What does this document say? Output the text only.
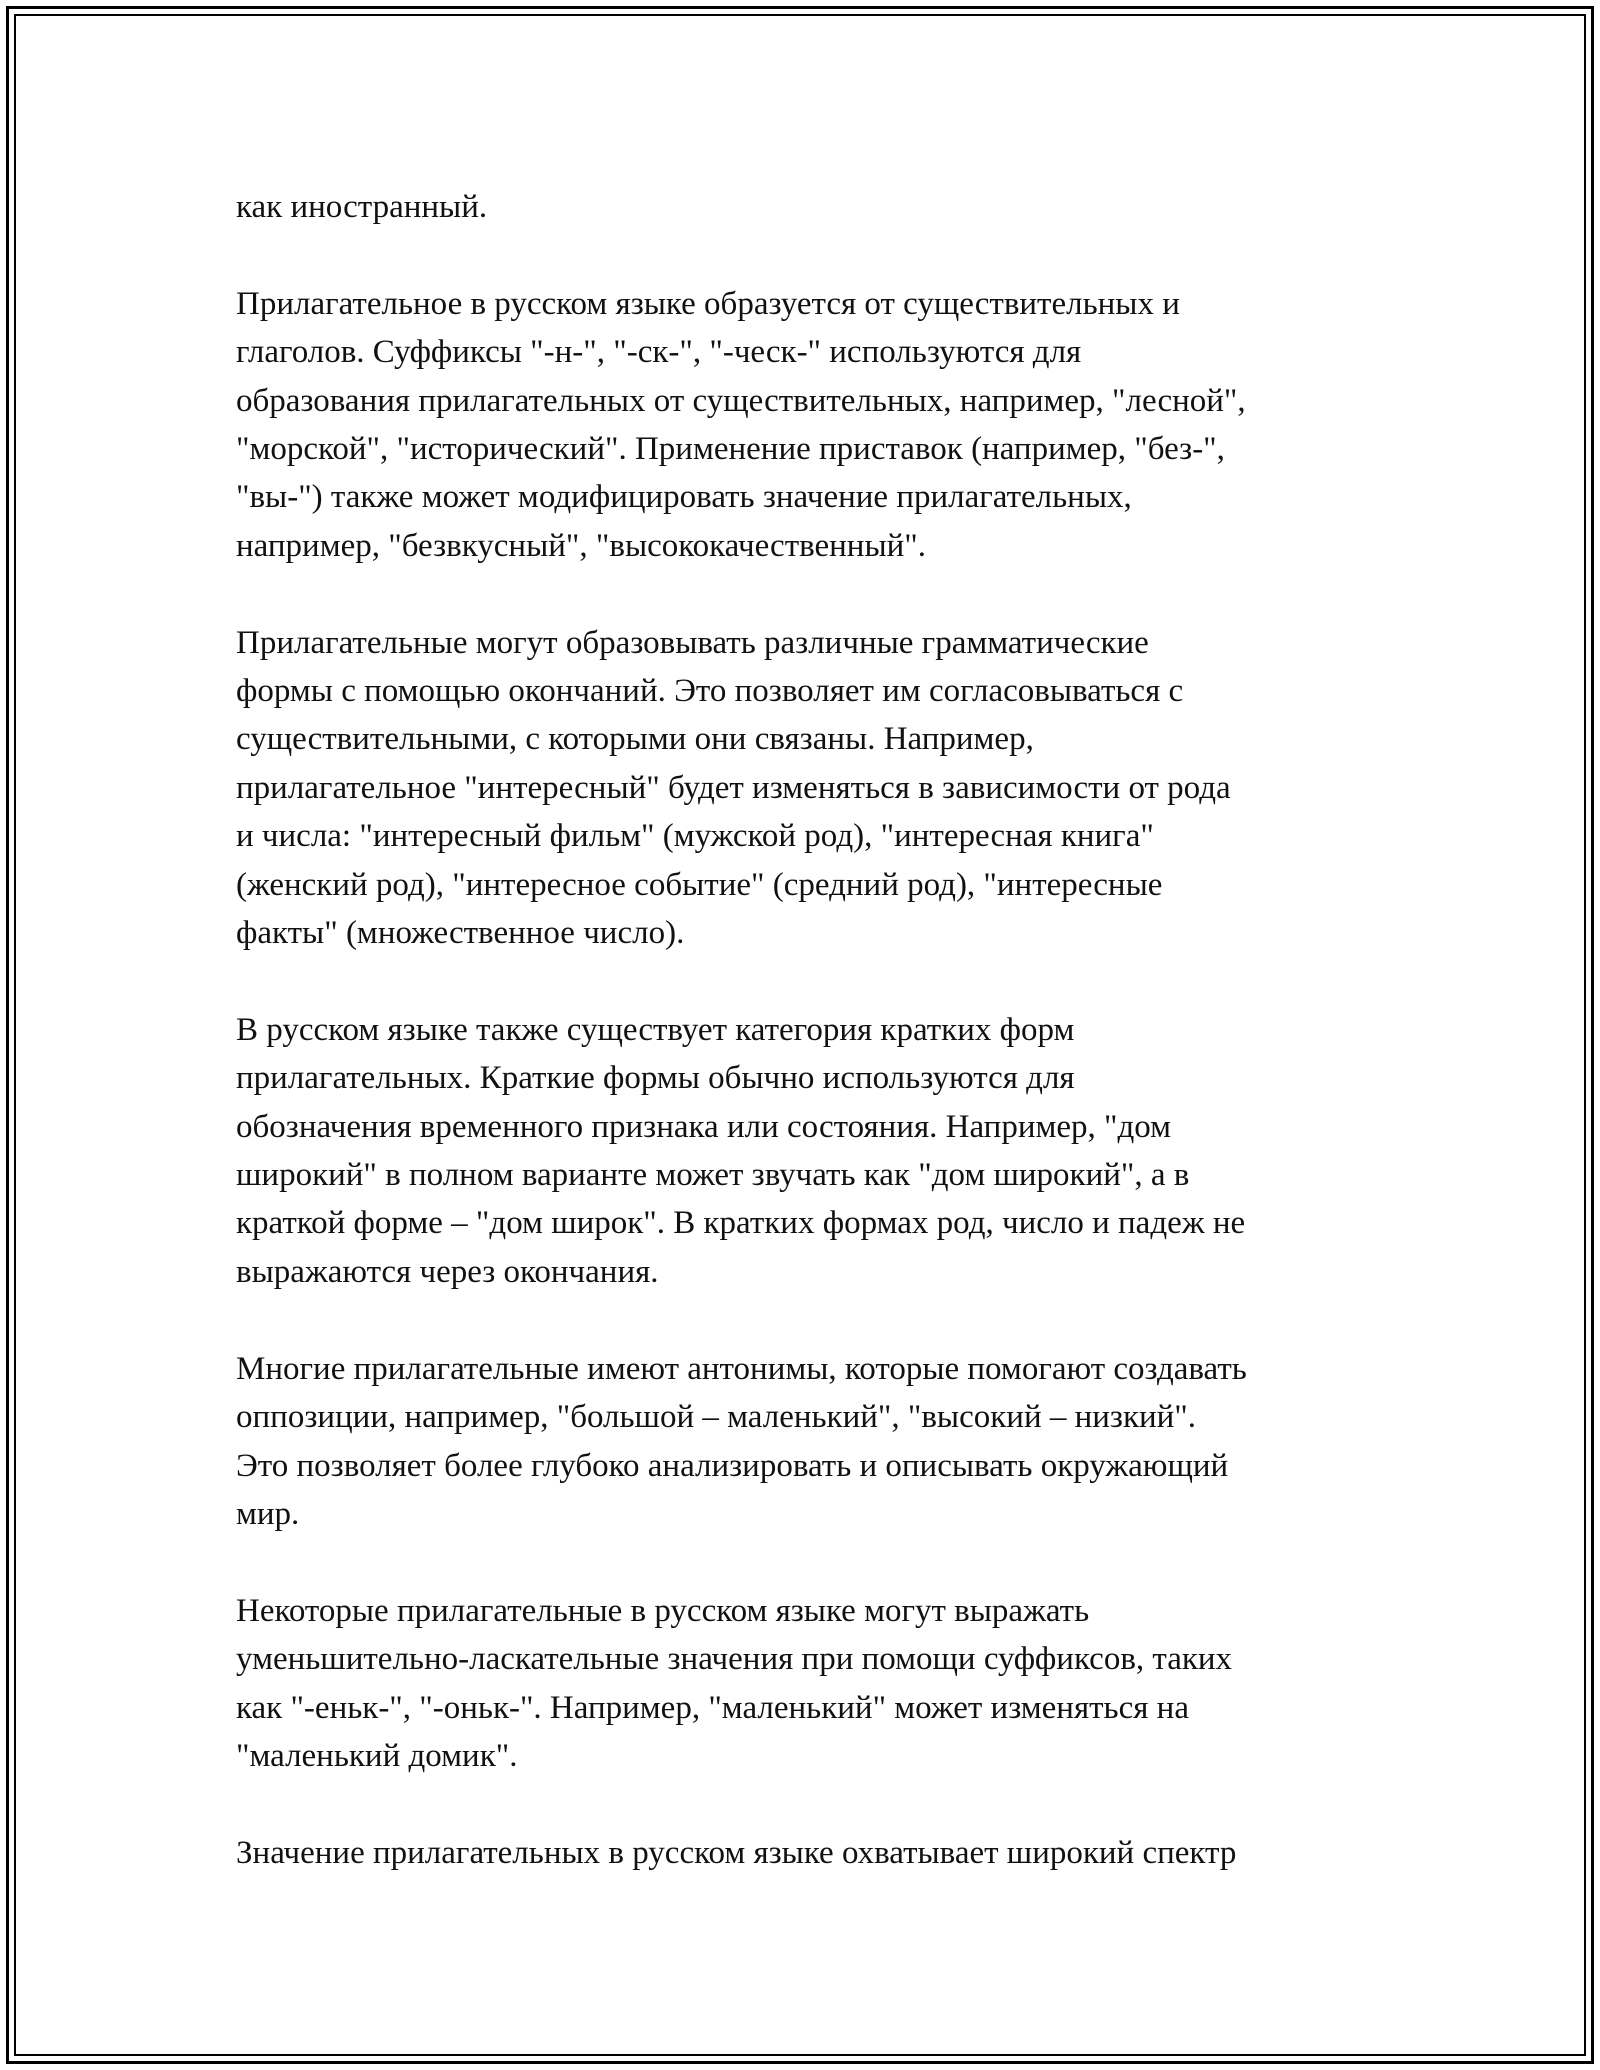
как иностранный.

Прилагательное в русском языке образуется от существительных и
глаголов. Суффиксы "-н-", "-ск-", "-ческ-" используются для
образования прилагательных от существительных, например, "лесной",
"морской", "исторический". Применение приставок (например, "без-",
"вы-") также может модифицировать значение прилагательных,
например, "безвкусный", "высококачественный".

Прилагательные могут образовывать различные грамматические
формы с помощью окончаний. Это позволяет им согласовываться с
существительными, с которыми они связаны. Например,
прилагательное "интересный" будет изменяться в зависимости от рода
и числа: "интересный фильм" (мужской род), "интересная книга"
(женский род), "интересное событие" (средний род), "интересные
факты" (множественное число).

В русском языке также существует категория кратких форм
прилагательных. Краткие формы обычно используются для
обозначения временного признака или состояния. Например, "дом
широкий" в полном варианте может звучать как "дом широкий", а в
краткой форме – "дом широк". В кратких формах род, число и падеж не
выражаются через окончания.

Многие прилагательные имеют антонимы, которые помогают создавать
оппозиции, например, "большой – маленький", "высокий – низкий".
Это позволяет более глубоко анализировать и описывать окружающий
мир.

Некоторые прилагательные в русском языке могут выражать
уменьшительно-ласкательные значения при помощи суффиксов, таких
как "-еньк-", "-оньк-". Например, "маленький" может изменяться на
"маленький домик".

Значение прилагательных в русском языке охватывает широкий спектр
